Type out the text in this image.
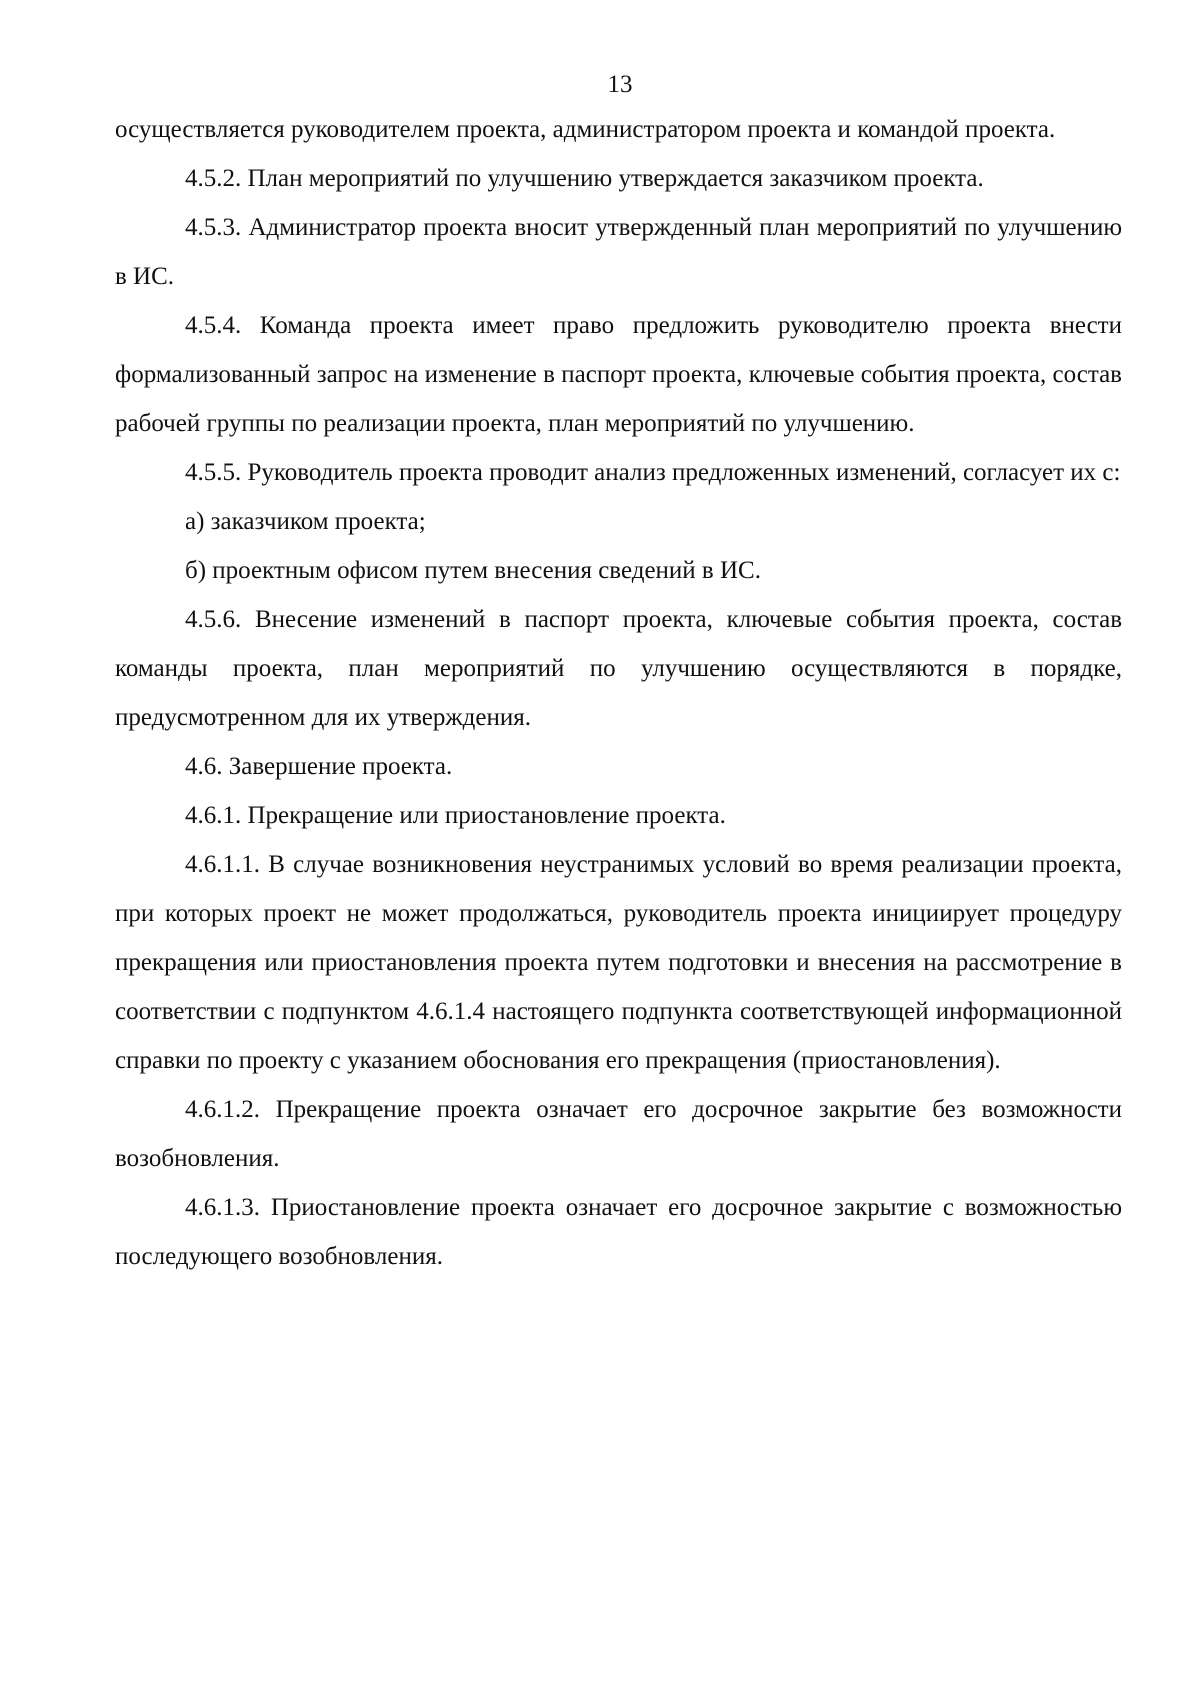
13

осуществляется руководителем проекта, администратором проекта и командой проекта.

4.5.2. План мероприятий по улучшению утверждается заказчиком проекта.

4.5.3. Администратор проекта вносит утвержденный план мероприятий по улучшению в ИС.

4.5.4. Команда проекта имеет право предложить руководителю проекта внести формализованный запрос на изменение в паспорт проекта, ключевые события проекта, состав рабочей группы по реализации проекта, план мероприятий по улучшению.

4.5.5. Руководитель проекта проводит анализ предложенных изменений, согласует их с:

а) заказчиком проекта;

б) проектным офисом путем внесения сведений в ИС.

4.5.6. Внесение изменений в паспорт проекта, ключевые события проекта, состав команды проекта, план мероприятий по улучшению осуществляются в порядке, предусмотренном для их утверждения.

4.6. Завершение проекта.

4.6.1. Прекращение или приостановление проекта.

4.6.1.1. В случае возникновения неустранимых условий во время реализации проекта, при которых проект не может продолжаться, руководитель проекта инициирует процедуру прекращения или приостановления проекта путем подготовки и внесения на рассмотрение в соответствии с подпунктом 4.6.1.4 настоящего подпункта соответствующей информационной справки по проекту с указанием обоснования его прекращения (приостановления).

4.6.1.2. Прекращение проекта означает его досрочное закрытие без возможности возобновления.

4.6.1.3. Приостановление проекта означает его досрочное закрытие с возможностью последующего возобновления.
